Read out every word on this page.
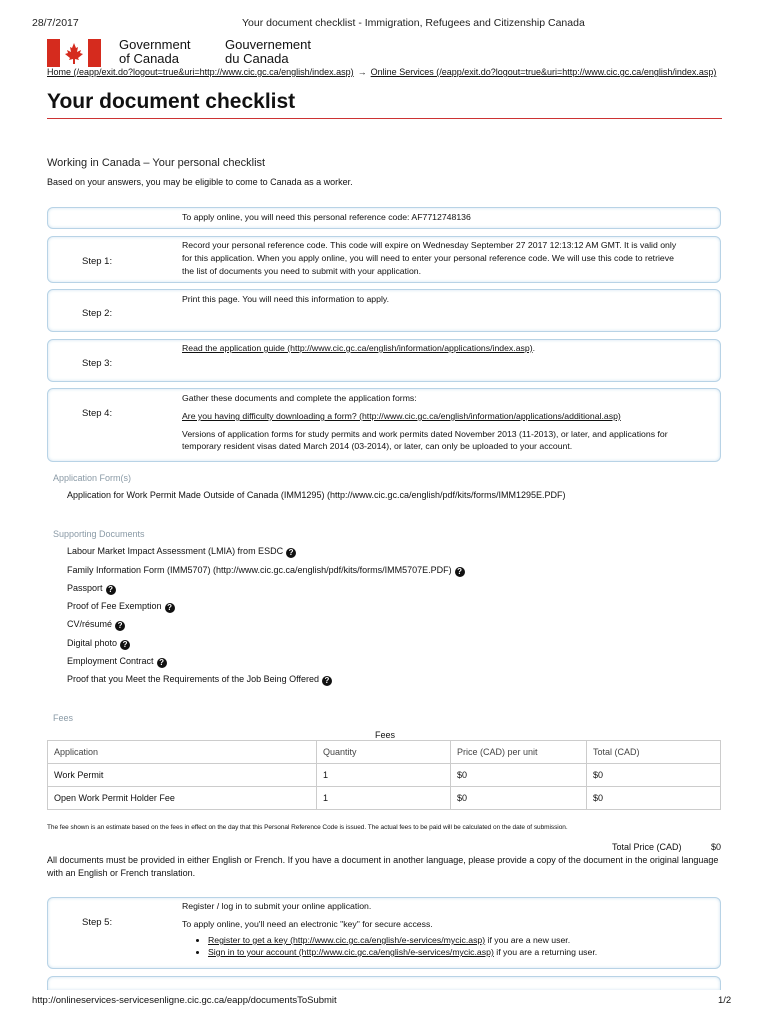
28/7/2017	Your document checklist - Immigration, Refugees and Citizenship Canada
Government
of Canada
Gouvernement
du Canada
Home (/eapp/exit.do?logout=true&uri=http://www.cic.gc.ca/english/index.asp) → Online Services (/eapp/exit.do?logout=true&uri=http://www.cic.gc.ca/english/index.asp)
Your document checklist
Working in Canada – Your personal checklist
Based on your answers, you may be eligible to come to Canada as a worker.
To apply online, you will need this personal reference code: AF7712748136
Step 1:
Record your personal reference code. This code will expire on Wednesday September 27 2017 12:13:12 AM GMT. It is valid only for this application. When you apply online, you will need to enter your personal reference code. We will use this code to retrieve the list of documents you need to submit with your application.
Step 2:
Print this page. You will need this information to apply.
Step 3:
Read the application guide (http://www.cic.gc.ca/english/information/applications/index.asp).
Step 4:

Gather these documents and complete the application forms:

Are you having difficulty downloading a form? (http://www.cic.gc.ca/english/information/applications/additional.asp)

Versions of application forms for study permits and work permits dated November 2013 (11-2013), or later, and applications for temporary resident visas dated March 2014 (03-2014), or later, can only be uploaded to your account.

Application Form(s)
Application for Work Permit Made Outside of Canada (IMM1295) (http://www.cic.gc.ca/english/pdf/kits/forms/IMM1295E.PDF)
Supporting Documents
Labour Market Impact Assessment (LMIA) from ESDC ?
Family Information Form (IMM5707) (http://www.cic.gc.ca/english/pdf/kits/forms/IMM5707E.PDF) ?
Passport ?
Proof of Fee Exemption ?
CV/résumé ?
Digital photo ?
Employment Contract ?
Proof that you Meet the Requirements of the Job Being Offered ?
Fees
Fees
Application	Quantity	Price (CAD) per unit	Total (CAD)
Work Permit	1	$0	$0
Open Work Permit Holder Fee	1	$0	$0
The fee shown is an estimate based on the fees in effect on the day that this Personal Reference Code is issued. The actual fees to be paid will be calculated on the date of submission.
Total Price (CAD)	$0
All documents must be provided in either English or French. If you have a document in another language, please provide a copy of the document in the original language with an English or French translation.
Step 5:

Register / log in to submit your online application.

To apply online, you'll need an electronic "key" for secure access.

• Register to get a key (http://www.cic.gc.ca/english/e-services/mycic.asp) if you are a new user.
• Sign in to your account (http://www.cic.gc.ca/english/e-services/mycic.asp) if you are a returning user.
http://onlineservices-servicesenligne.cic.gc.ca/eapp/documentsToSubmit	1/2
